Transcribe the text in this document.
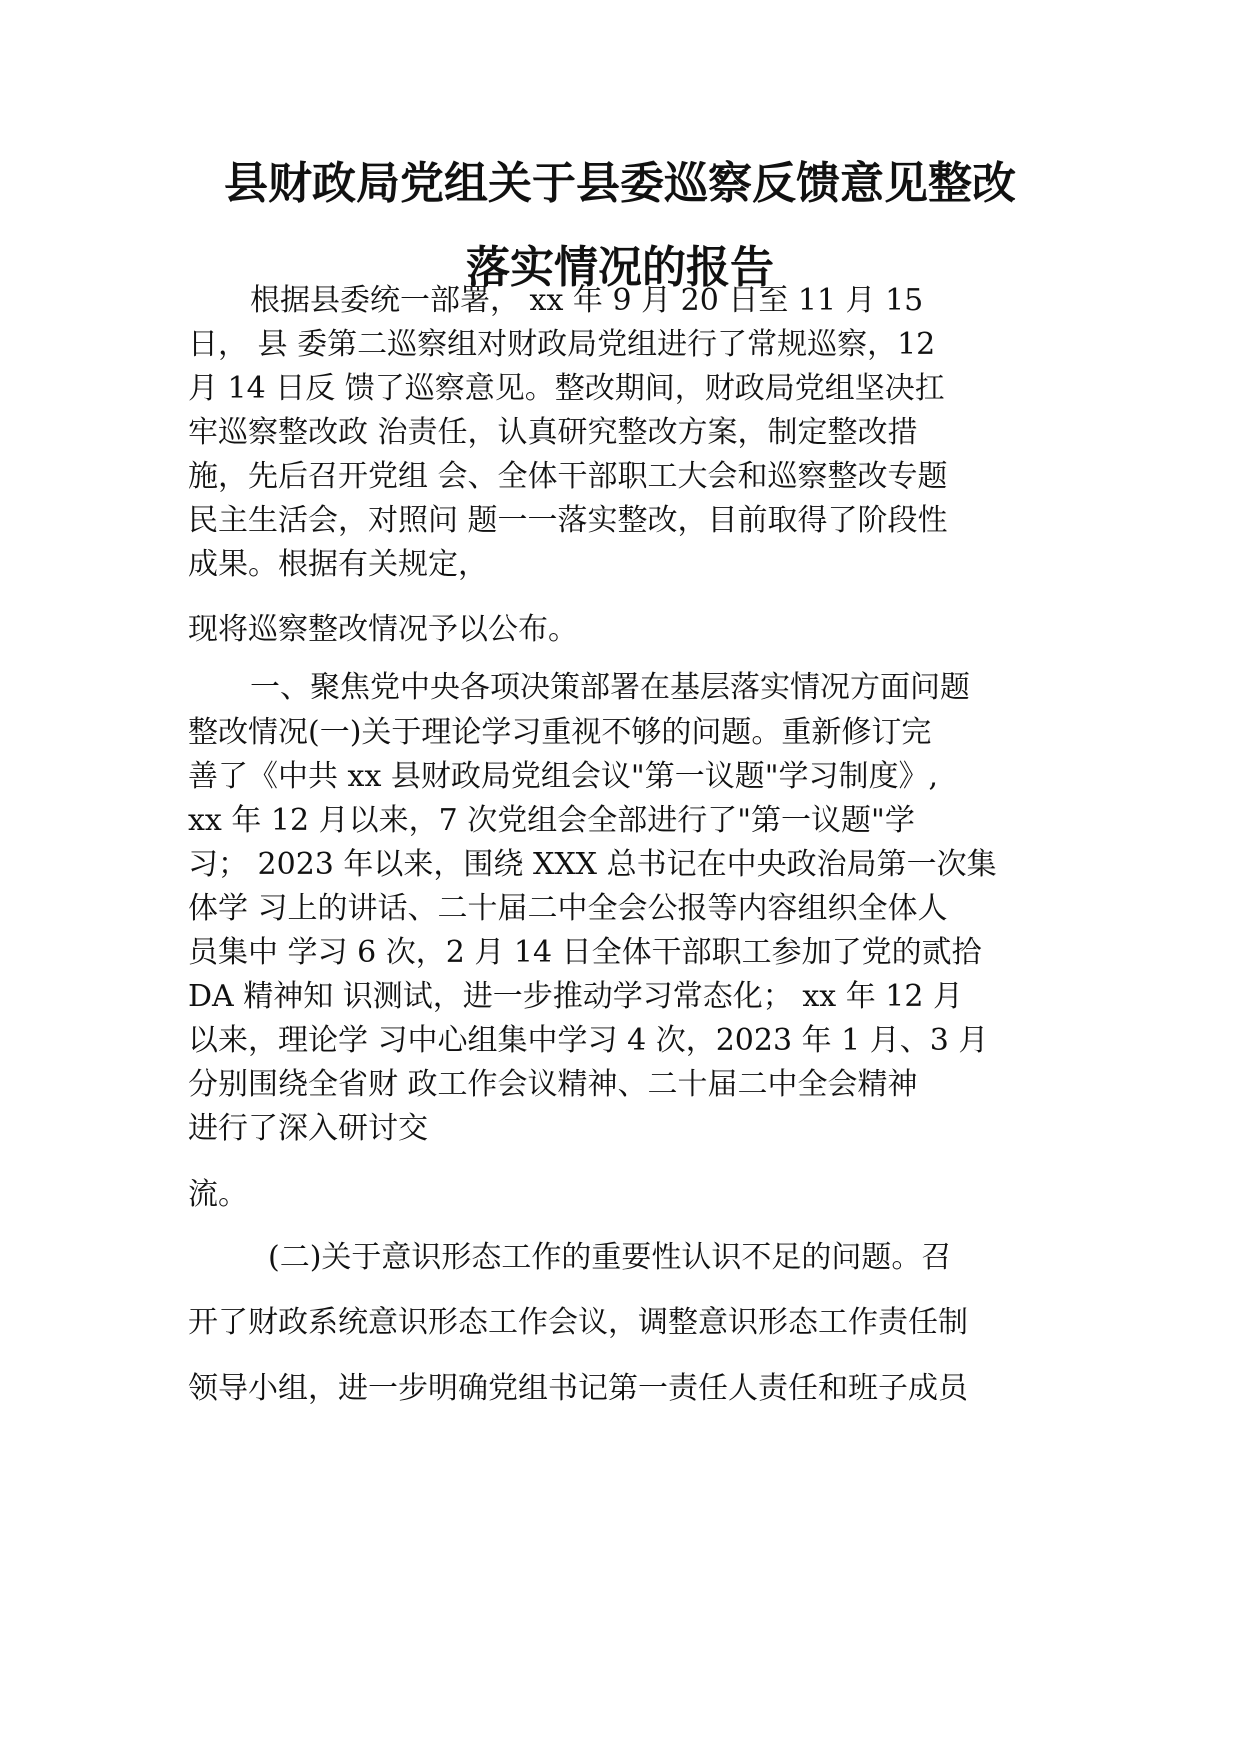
县财政局党组关于县委巡察反馈意见整改
落实情况的报告
根据县委统一部署， xx 年 9 月 20 日至 11 月 15
日， 县 委第二巡察组对财政局党组进行了常规巡察，12
月 14 日反 馈了巡察意见。整改期间，财政局党组坚决扛
牢巡察整改政 治责任，认真研究整改方案，制定整改措
施，先后召开党组 会、全体干部职工大会和巡察整改专题
民主生活会，对照问 题一一落实整改，目前取得了阶段性
成果。根据有关规定，
现将巡察整改情况予以公布。
一、聚焦党中央各项决策部署在基层落实情况方面问题
整改情况(一)关于理论学习重视不够的问题。重新修订完
善了《中共 xx 县财政局党组会议"第一议题"学习制度》,
xx 年 12 月以来，7 次党组会全部进行了"第一议题"学
习； 2023 年以来，围绕 XXX 总书记在中央政治局第一次集
体学 习上的讲话、二十届二中全会公报等内容组织全体人
员集中 学习 6 次，2 月 14 日全体干部职工参加了党的贰拾
DA 精神知 识测试，进一步推动学习常态化； xx 年 12 月
以来，理论学 习中心组集中学习 4 次，2023 年 1 月、3 月
分别围绕全省财 政工作会议精神、二十届二中全会精神
进行了深入研讨交
流。
(二)关于意识形态工作的重要性认识不足的问题。召
开了财政系统意识形态工作会议，调整意识形态工作责任制
领导小组，进一步明确党组书记第一责任人责任和班子成员
